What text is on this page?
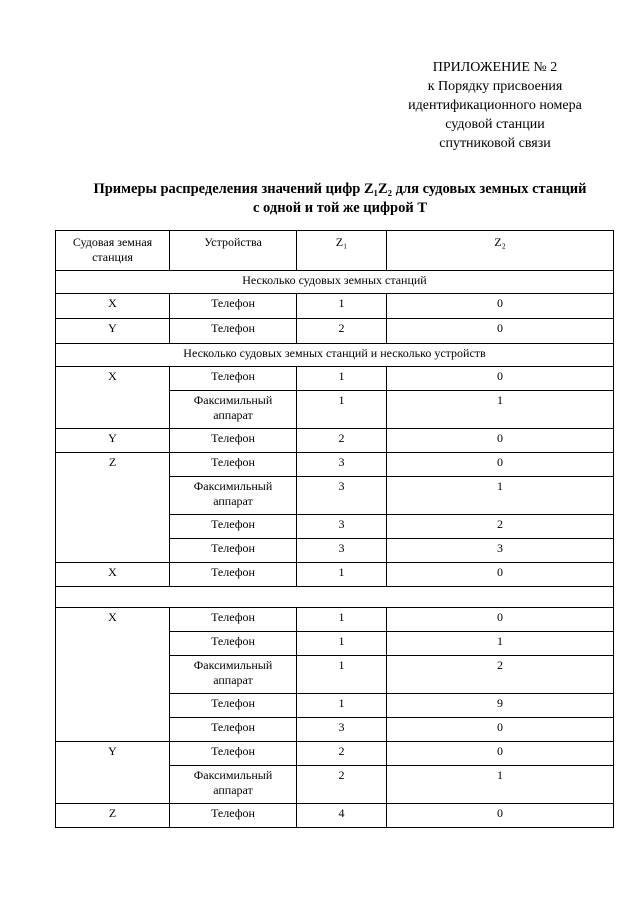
ПРИЛОЖЕНИЕ № 2
к Порядку присвоения
идентификационного номера
судовой станции
спутниковой связи
Примеры распределения значений цифр Z₁Z₂ для судовых земных станций
с одной и той же цифрой T
Судовая земная
станция	Устройства	Z₁	Z₂
Несколько судовых земных станций			
X	Телефон	1	0
Y	Телефон	2	0
Несколько судовых земных станций и несколько устройств			
X	Телефон	1	0

	Факсимильный
аппарат	1	1
Y	Телефон	2	0
Z	Телефон	3	0

	Факсимильный
аппарат	3	1
	Телефон	3	2
	Телефон	3	3
X	Телефон	1	0

X	Телефон	1	0
	Телефон	1	1

	Факсимильный
аппарат	1	2
	Телефон	1	9
	Телефон	3	0
Y	Телефон	2	0

	Факсимильный
аппарат	2	1
Z	Телефон	4	0
